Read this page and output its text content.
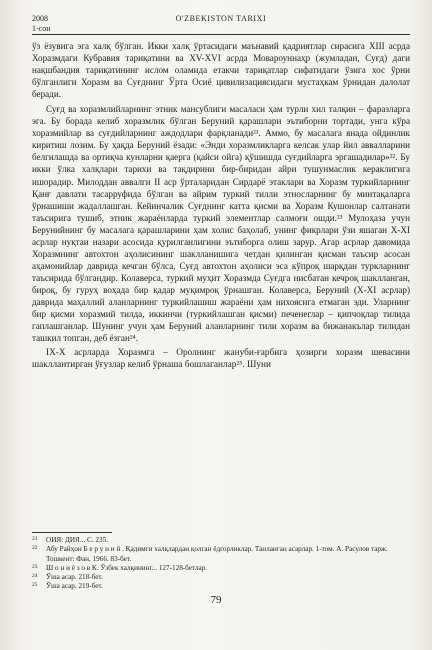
2008
1-сон
O'ZBEKISTON TARIXI

ўз ёзувига эга халқ бўлган. Икки халқ ўртасидаги маънавий қадриятлар сирасига XIII асрда Хоразмдаги Кубравия тариқатини ва XV-XVI асрда Мовароуннаҳр (жумладан, Суғд) даги нақшбандия тариқатининг ислом оламида етакчи тариқатлар сифатидаги ўзига хос ўрни бўлганлиги Хоразм ва Суғднинг Ўрта Осиё цивилизациясидаги мустаҳкам ўрнидан далолат беради.

Суғд ва хоразмлийларнинг этник мансублиги масаласи ҳам турли хил талқин – фаразларга эга. Бу борада келиб хоразмлик бўлган Беруний қарашлари эътиборни тортади, унга кўра хоразмийлар ва суғдийларнинг аждодлари фарқланади²¹. Аммо, бу масалага янада ойдинлик киритиш лозим. Бу ҳақда Беруний ёзади: «Энди хоразмликларга келсак улар йил аввалларини белгилашда ва ортиқча кунларни қаерга (қайси ойга) қўшишда суғдийларга эргашадилар»²². Бу икки ўлка халқлари тарихи ва тақдирини бир-биридан айри тушунмаслик кераклигига ишорадир. Милоддан аввалги II аср ўрталаридан Сирдарё этаклари ва Хоразм туркийларнинг Қанғ давлати тасарруфида бўлган ва айрим туркий тилли этносларнинг бу минтақаларга ўрнашиши жадаллашган. Кейинчалик Суғднинг катта қисми ва Хоразм Кушонлар салтанати таъсирига тушиб, этник жараёнларда туркий элементлар салмоғи ошди.²³ Мулоҳаза учун Берунийнинг бу масалага қарашларини ҳам холис баҳолаб, унинг фикрлари ўзи яшаган X-XI асрлар нуқтаи назари асосида қурилганлигини эътиборга олиш зарур. Агар асрлар давомида Хоразмнинг автохтон аҳолисининг шаклланишига четдан қилинган қисман таъсир асосан аҳамонийлар даврида кечган бўлса, Суғд автохтон аҳолиси эса кўпроқ шарқдан туркларнинг таъсирида бўлгандир. Колаверса, туркий муҳит Хоразмда Суғдга нисбатан кечроқ шаклланган, бироқ, бу гуруҳ воҳада бир қадар муқимроқ ўрнашган. Колаверса, Беруний (X-XI асрлар) даврида маҳаллий аланларнинг туркийлашиш жараёни ҳам нихоясига етмаган эди. Уларнинг бир қисми хоразмий тилда, иккинчи (туркийлашган қисми) печенеглар – қипчоқлар тилида гаплашганлар. Шунинг учун ҳам Беруний аланларнинг тили хоразм ва бижанакълар тилидан ташкил топган, деб ёзган²⁴.

IX-X асрларда Хоразмга – Оролнинг жануби-ғарбига ҳозирги хоразм шевасини шакллантирган ўғузлар келиб ўрнаша бошлаганлар²⁵. Шуни

21 ОИЯ: ДИЯ... С. 235.
22 Абу Райҳон Б е р у н и й . Қадимги халқлардан қолган ёдгорликлар. Танланган асарлар. 1-том. А. Расулов тарж. Тошкент: Фан, 1966. 83-бет.
23 Ш о н и ё з о в К. Ўзбек халқининг... 127-128-бетлар.
24 Ўша асар. 218-бет.
25 Ўша асар. 219-бет.
79
